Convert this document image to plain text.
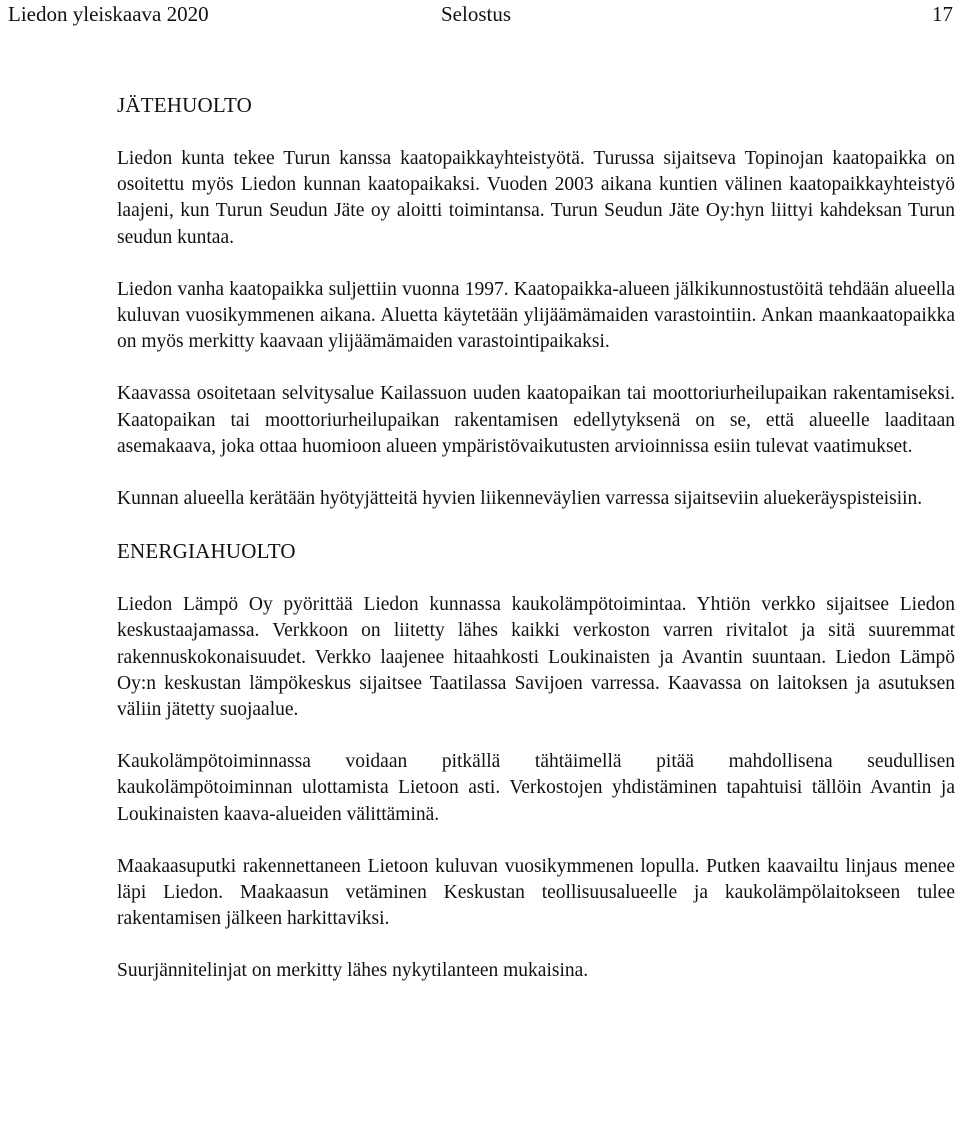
Liedon yleiskaava 2020	Selostus	17
JÄTEHUOLTO

Liedon kunta tekee Turun kanssa kaatopaikkayhteistyötä. Turussa sijaitseva Topinojan kaatopaikka on osoitettu myös Liedon kunnan kaatopaikaksi. Vuoden 2003 aikana kuntien välinen kaatopaikkayhteistyö laajeni, kun Turun Seudun Jäte oy aloitti toimintansa. Turun Seudun Jäte Oy:hyn liittyi kahdeksan Turun seudun kuntaa.

Liedon vanha kaatopaikka suljettiin vuonna 1997. Kaatopaikka-alueen jälkikunnostustöitä tehdään alueella kuluvan vuosikymmenen aikana. Aluetta käytetään ylijäämämaiden varastointiin. Ankan maankaatopaikka on myös merkitty kaavaan ylijäämämaiden varastointipaikaksi.

Kaavassa osoitetaan selvitysalue Kailassuon uuden kaatopaikan tai moottoriurheilupaikan rakentamiseksi. Kaatopaikan tai moottoriurheilupaikan rakentamisen edellytyksenä on se, että alueelle laaditaan asemakaava, joka ottaa huomioon alueen ympäristövaikutusten arvioinnissa esiin tulevat vaatimukset.

Kunnan alueella kerätään hyötyjätteitä hyvien liikenneväylien varressa sijaitseviin aluekeräyspisteisiin.

ENERGIAHUOLTO

Liedon Lämpö Oy pyörittää Liedon kunnassa kaukolämpötoimintaa. Yhtiön verkko sijaitsee Liedon keskustaajamassa. Verkkoon on liitetty lähes kaikki verkoston varren rivitalot ja sitä suuremmat rakennuskokonaisuudet. Verkko laajenee hitaahkosti Loukinaisten ja Avantin suuntaan. Liedon Lämpö Oy:n keskustan lämpökeskus sijaitsee Taatilassa Savijoen varressa. Kaavassa on laitoksen ja asutuksen väliin jätetty suojaalue.

Kaukolämpötoiminnassa voidaan pitkällä tähtäimellä pitää mahdollisena seudullisen kaukolämpötoiminnan ulottamista Lietoon asti. Verkostojen yhdistäminen tapahtuisi tällöin Avantin ja Loukinaisten kaava-alueiden välittäminä.

Maakaasuputki rakennettaneen Lietoon kuluvan vuosikymmenen lopulla. Putken kaavailtu linjaus menee läpi Liedon. Maakaasun vetäminen Keskustan teollisuusalueelle ja kaukolämpölaitokseen tulee rakentamisen jälkeen harkittaviksi.

Suurjännitelinjat on merkitty lähes nykytilanteen mukaisina.
